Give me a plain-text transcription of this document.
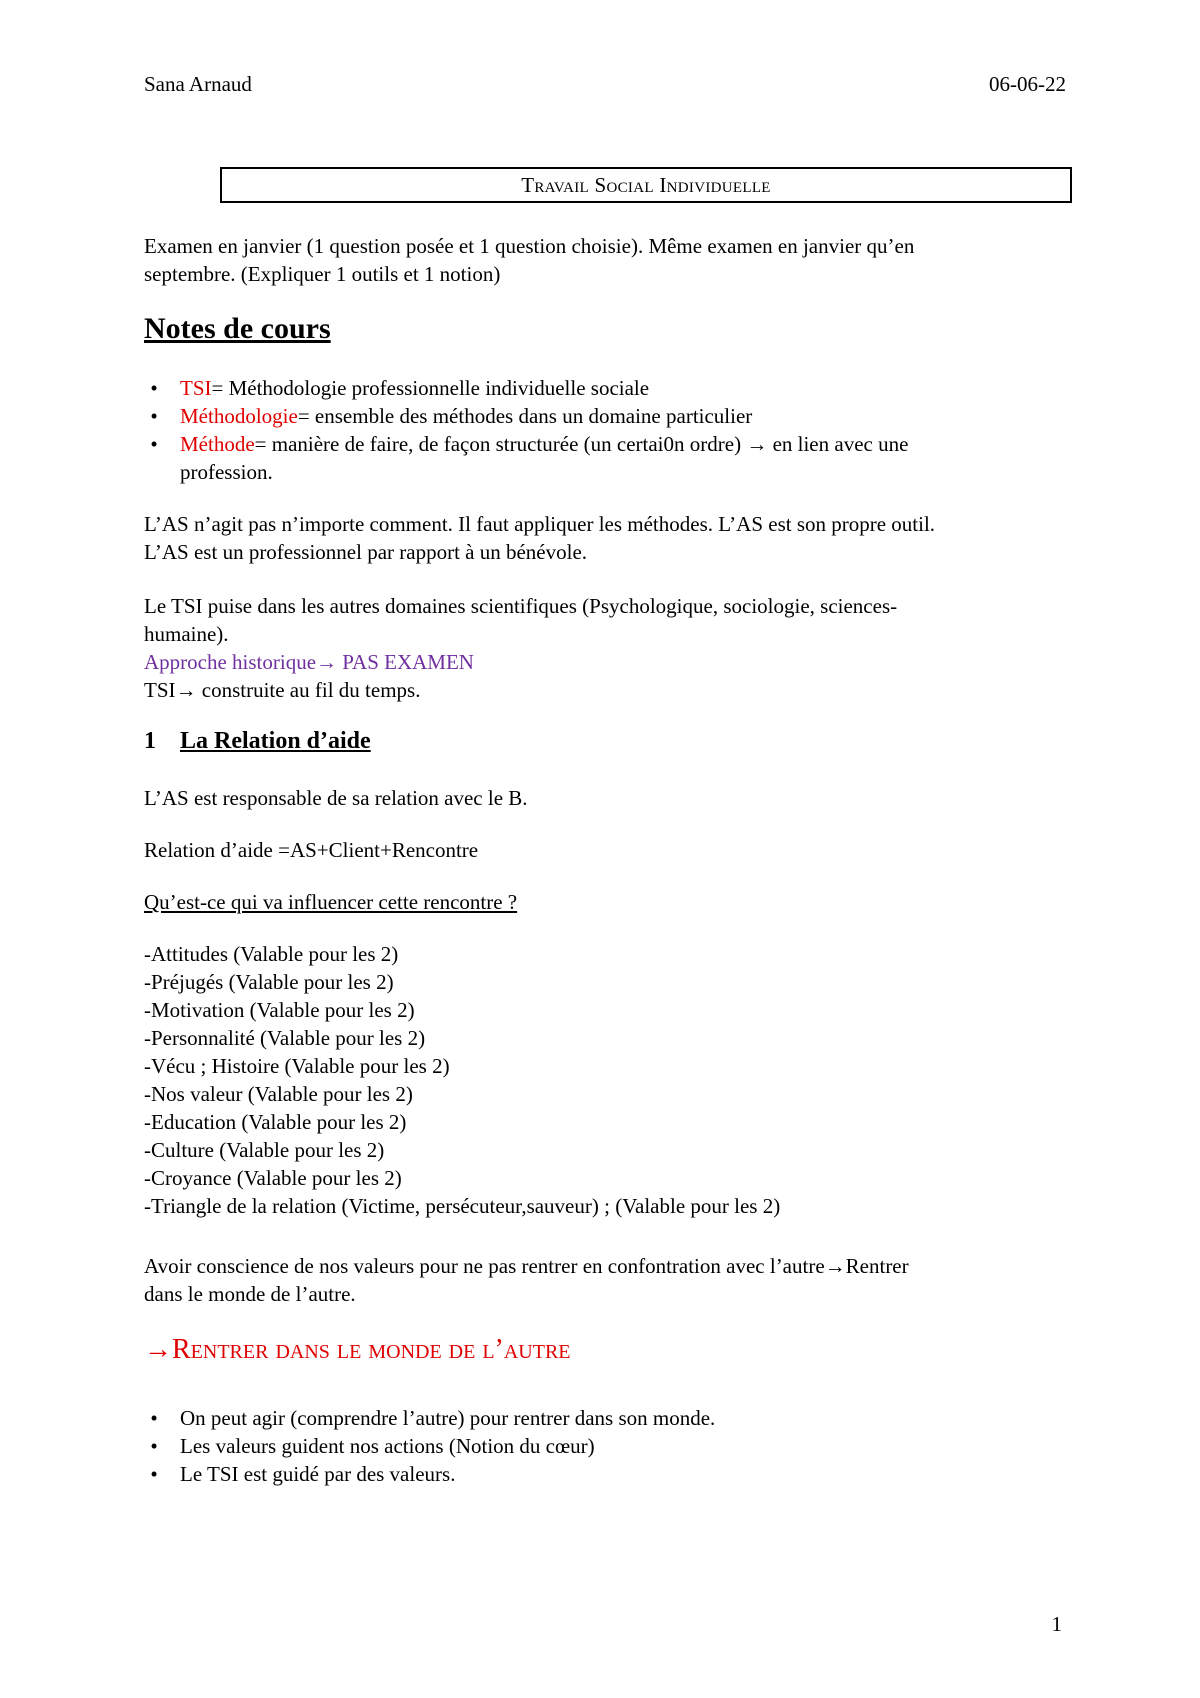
Sana Arnaud	06-06-22
Travail Social Individuelle
Examen en janvier (1 question posée et 1 question choisie). Même examen en janvier qu’en
septembre. (Expliquer 1 outils et 1 notion)
Notes de cours
•	TSI= Méthodologie professionnelle individuelle sociale
•	Méthodologie= ensemble des méthodes dans un domaine particulier
•	Méthode= manière de faire, de façon structurée (un certai0n ordre) → en lien avec une
profession.
L’AS n’agit pas n’importe comment. Il faut appliquer les méthodes. L’AS est son propre outil.
L’AS est un professionnel par rapport à un bénévole.
Le TSI puise dans les autres domaines scientifiques (Psychologique, sociologie, sciences-
humaine).
Approche historique→ PAS EXAMEN
TSI→ construite au fil du temps.
1 La Relation d’aide
L’AS est responsable de sa relation avec le B.
Relation d’aide =AS+Client+Rencontre
Qu’est-ce qui va influencer cette rencontre ?
-Attitudes (Valable pour les 2)
-Préjugés (Valable pour les 2)
-Motivation (Valable pour les 2)
-Personnalité (Valable pour les 2)
-Vécu ; Histoire (Valable pour les 2)
-Nos valeur (Valable pour les 2)
-Education (Valable pour les 2)
-Culture (Valable pour les 2)
-Croyance (Valable pour les 2)
-Triangle de la relation (Victime, persécuteur,sauveur) ; (Valable pour les 2)
Avoir conscience de nos valeurs pour ne pas rentrer en confontration avec l’autre→Rentrer
dans le monde de l’autre.
→Rentrer dans le monde de l’autre
•	On peut agir (comprendre l’autre) pour rentrer dans son monde.
•	Les valeurs guident nos actions (Notion du cœur)
•	Le TSI est guidé par des valeurs.
1
